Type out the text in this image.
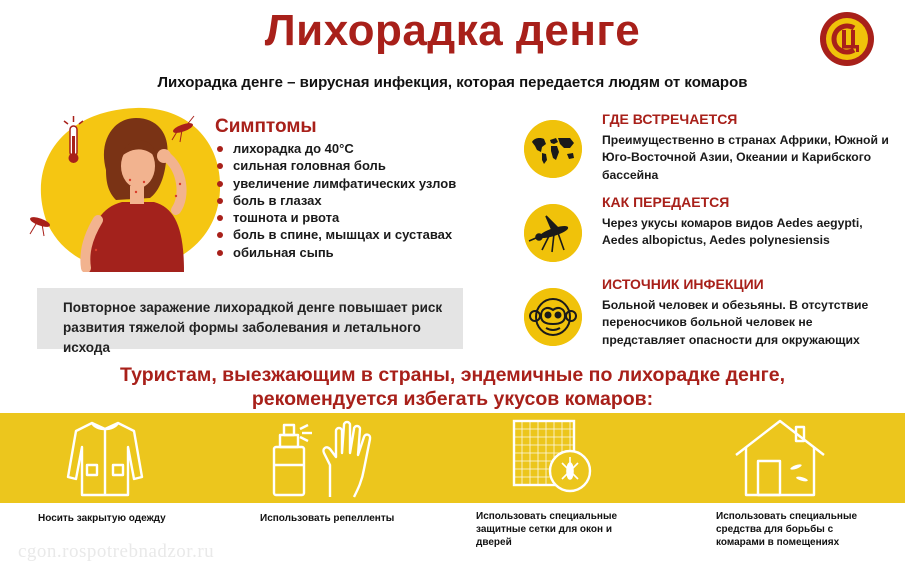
Лихорадка денге
Лихорадка денге – вирусная инфекция, которая передается людям от комаров
Симптомы
лихорадка до 40°C
сильная головная боль
увеличение лимфатических узлов
боль в глазах
тошнота и рвота
боль в спине, мышцах и суставах
обильная сыпь

Повторное заражение лихорадкой денге повышает риск развития тяжелой формы заболевания и летального исхода

ГДЕ ВСТРЕЧАЕТСЯ
Преимущественно в странах Африки, Южной и Юго-Восточной Азии, Океании и Карибского бассейна
КАК ПЕРЕДАЕТСЯ
Через укусы комаров видов Aedes aegypti, Aedes albopictus, Aedes polynesiensis
ИСТОЧНИК ИНФЕКЦИИ
Больной человек и обезьяны. В отсутствие переносчиков больной человек не представляет опасности для окружающих
Туристам, выезжающим в страны, эндемичные по лихорадке денге,
рекомендуется избегать укусов комаров:
Носить закрытую одежду	Использовать репелленты	Использовать специальные защитные сетки для окон и дверей
Использовать специальные средства для борьбы с комарами в помещениях
cgon.rospotrebnadzor.ru
